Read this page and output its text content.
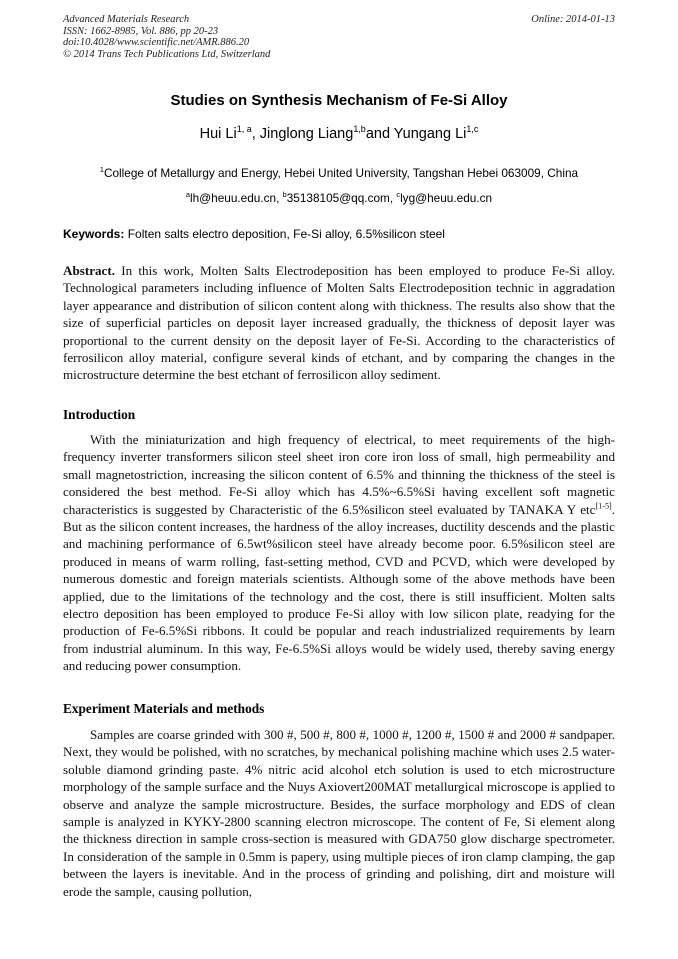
Advanced Materials Research
ISSN: 1662-8985, Vol. 886, pp 20-23
doi:10.4028/www.scientific.net/AMR.886.20
© 2014 Trans Tech Publications Ltd, Switzerland
Online: 2014-01-13
Studies on Synthesis Mechanism of Fe-Si Alloy
Hui Li$^{1, a}$, Jinglong Liang$^{1,b}$and Yungang Li$^{1,c}$
$^1$College of Metallurgy and Energy, Hebei United University, Tangshan Hebei 063009, China
$^a$lh@heuu.edu.cn, $^b$35138105@qq.com, $^c$lyg@heuu.edu.cn
Keywords: Folten salts electro deposition, Fe-Si alloy, 6.5%silicon steel
Abstract. In this work, Molten Salts Electrodeposition has been employed to produce Fe-Si alloy. Technological parameters including influence of Molten Salts Electrodeposition technic in aggradation layer appearance and distribution of silicon content along with thickness. The results also show that the size of superficial particles on deposit layer increased gradually, the thickness of deposit layer was proportional to the current density on the deposit layer of Fe-Si. According to the characteristics of ferrosilicon alloy material, configure several kinds of etchant, and by comparing the changes in the microstructure determine the best etchant of ferrosilicon alloy sediment.
Introduction
With the miniaturization and high frequency of electrical, to meet requirements of the high-frequency inverter transformers silicon steel sheet iron core iron loss of small, high permeability and small magnetostriction, increasing the silicon content of 6.5% and thinning the thickness of the steel is considered the best method. Fe-Si alloy which has 4.5%~6.5%Si having excellent soft magnetic characteristics is suggested by Characteristic of the 6.5%silicon steel evaluated by TANAKA Y etc[1-5]. But as the silicon content increases, the hardness of the alloy increases, ductility descends and the plastic and machining performance of 6.5wt%silicon steel have already become poor. 6.5%silicon steel are produced in means of warm rolling, fast-setting method, CVD and PCVD, which were developed by numerous domestic and foreign materials scientists. Although some of the above methods have been applied, due to the limitations of the technology and the cost, there is still insufficient. Molten salts electro deposition has been employed to produce Fe-Si alloy with low silicon plate, readying for the production of Fe-6.5%Si ribbons. It could be popular and reach industrialized requirements by learn from industrial aluminum. In this way, Fe-6.5%Si alloys would be widely used, thereby saving energy and reducing power consumption.
Experiment Materials and methods
Samples are coarse grinded with 300 #, 500 #, 800 #, 1000 #, 1200 #, 1500 # and 2000 # sandpaper. Next, they would be polished, with no scratches, by mechanical polishing machine which uses 2.5 water-soluble diamond grinding paste. 4% nitric acid alcohol etch solution is used to etch microstructure morphology of the sample surface and the Nuys Axiovert200MAT metallurgical microscope is applied to observe and analyze the sample microstructure. Besides, the surface morphology and EDS of clean sample is analyzed in KYKY-2800 scanning electron microscope. The content of Fe, Si element along the thickness direction in sample cross-section is measured with GDA750 glow discharge spectrometer. In consideration of the sample in 0.5mm is papery, using multiple pieces of iron clamp clamping, the gap between the layers is inevitable. And in the process of grinding and polishing, dirt and moisture will erode the sample, causing pollution,
